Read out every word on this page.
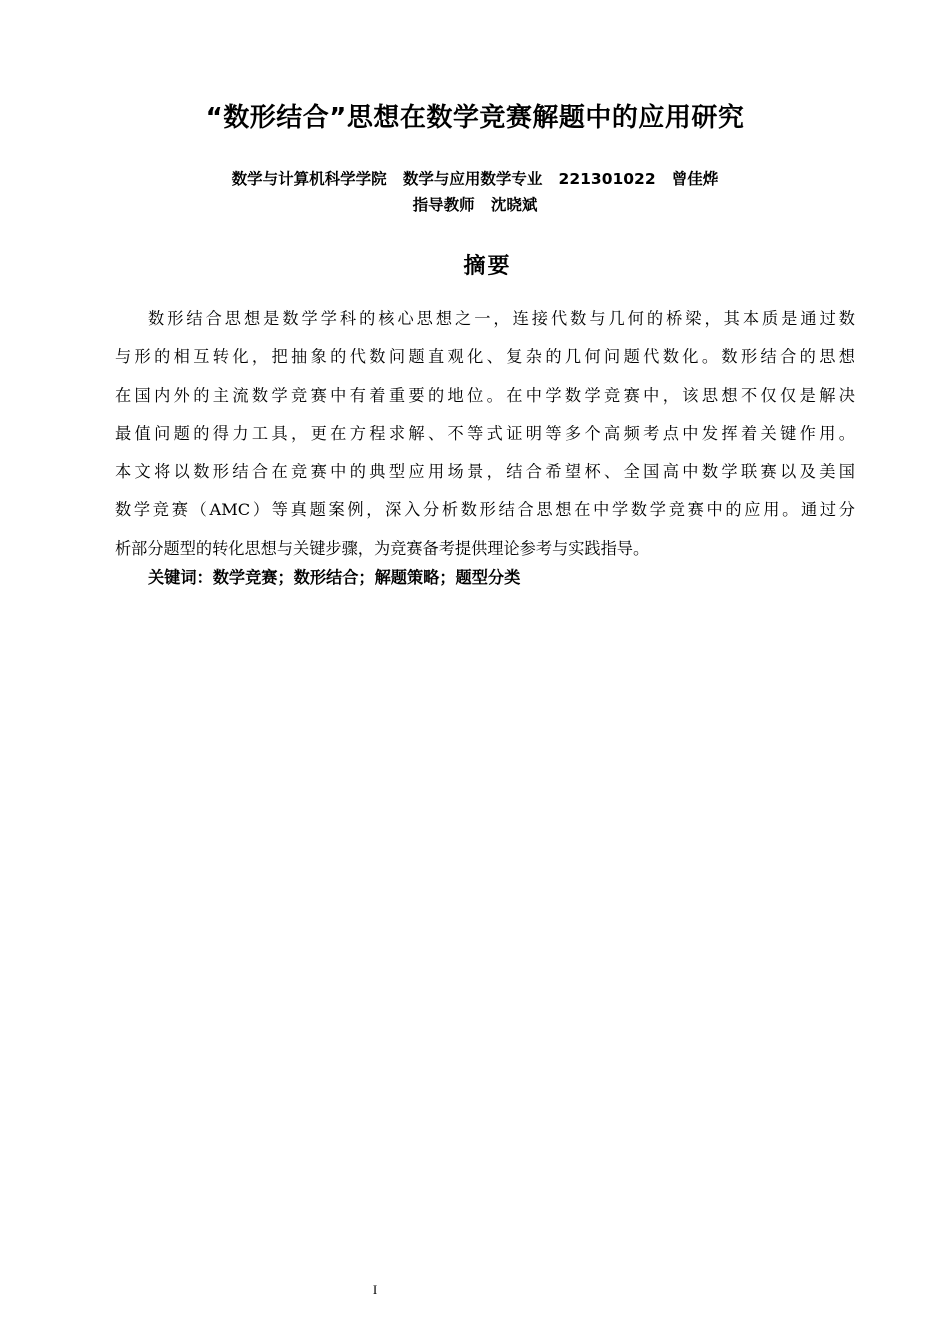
“数形结合”思想在数学竞赛解题中的应用研究
数学与计算机科学学院   数学与应用数学专业   221301022   曾佳烨
指导教师   沈晓斌
摘要
数形结合思想是数学学科的核心思想之一，连接代数与几何的桥梁，其本质是通过数
与形的相互转化，把抽象的代数问题直观化、复杂的几何问题代数化。数形结合的思想
在国内外的主流数学竞赛中有着重要的地位。在中学数学竞赛中，该思想不仅仅是解决
最值问题的得力工具，更在方程求解、不等式证明等多个高频考点中发挥着关键作用。
本文将以数形结合在竞赛中的典型应用场景，结合希望杯、全国高中数学联赛以及美国
数学竞赛（AMC）等真题案例，深入分析数形结合思想在中学数学竞赛中的应用。通过分
析部分题型的转化思想与关键步骤，为竞赛备考提供理论参考与实践指导。
关键词：数学竞赛；数形结合；解题策略；题型分类
I
